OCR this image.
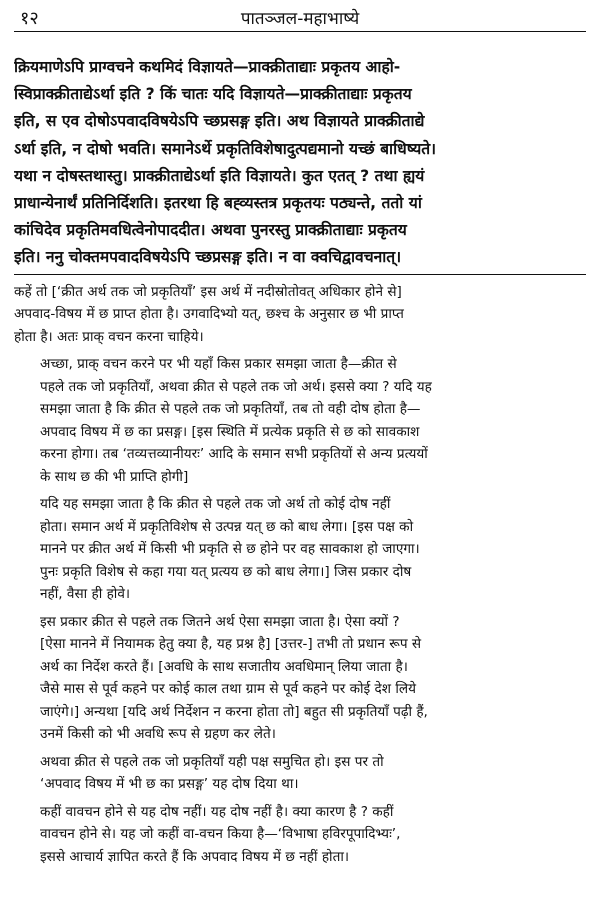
१२	पातञ्जल-महाभाष्ये
क्रियमाणेऽपि प्राग्वचने कथमिदं विज्ञायते—प्राक्क्रीताद्याः प्रकृतय आहो-
स्विप्राक्क्रीताद्येऽर्था इति ? किं चातः यदि विज्ञायते—प्राक्क्रीताद्याः प्रकृतय
इति, स एव दोषोऽपवादविषयेऽपि च्छप्रसङ्ग इति। अथ विज्ञायते प्राक्क्रीताद्ये
ऽर्था इति, न दोषो भवति। समानेऽर्थे प्रकृतिविशेषादुत्पद्यमानो यच्छं बाधिष्यते।
यथा न दोषस्तथास्तु। प्राक्क्रीताद्येऽर्था इति विज्ञायते। कुत एतत् ? तथा ह्ययं
प्राधान्येनार्थं प्रतिनिर्दिशति। इतरथा हि बह्व्यस्तत्र प्रकृतयः पठ्यन्ते, ततो यां
कांचिदेव प्रकृतिमवधित्वेनोपाददीत। अथवा पुनरस्तु प्राक्क्रीताद्याः प्रकृतय
इति। ननु चोक्तमपवादविषयेऽपि च्छप्रसङ्ग इति। न वा क्वचिद्वावचनात्।

कहें तो [‘क्रीत अर्थ तक जो प्रकृतियाँ’ इस अर्थ में नदीस्रोतोवत् अधिकार होने से]
अपवाद-विषय में छ प्राप्त होता है। उगवादिभ्यो यत्, छश्च के अनुसार छ भी प्राप्त
होता है। अतः प्राक् वचन करना चाहिये।

अच्छा, प्राक् वचन करने पर भी यहाँ किस प्रकार समझा जाता है—क्रीत से
पहले तक जो प्रकृतियाँ, अथवा क्रीत से पहले तक जो अर्थ। इससे क्या ? यदि यह
समझा जाता है कि क्रीत से पहले तक जो प्रकृतियाँ, तब तो वही दोष होता है—
अपवाद विषय में छ का प्रसङ्ग। [इस स्थिति में प्रत्येक प्रकृति से छ को सावकाश
करना होगा। तब ‘तव्यत्तव्यानीयरः’ आदि के समान सभी प्रकृतियों से अन्य प्रत्ययों
के साथ छ की भी प्राप्ति होगी]

यदि यह समझा जाता है कि क्रीत से पहले तक जो अर्थ तो कोई दोष नहीं
होता। समान अर्थ में प्रकृतिविशेष से उत्पन्न यत् छ को बाध लेगा। [इस पक्ष को
मानने पर क्रीत अर्थ में किसी भी प्रकृति से छ होने पर वह सावकाश हो जाएगा।
पुनः प्रकृति विशेष से कहा गया यत् प्रत्यय छ को बाध लेगा।] जिस प्रकार दोष
नहीं, वैसा ही होवे।

इस प्रकार क्रीत से पहले तक जितने अर्थ ऐसा समझा जाता है। ऐसा क्यों ?
[ऐसा मानने में नियामक हेतु क्या है, यह प्रश्न है] [उत्तर-] तभी तो प्रधान रूप से
अर्थ का निर्देश करते हैं। [अवधि के साथ सजातीय अवधिमान् लिया जाता है।
जैसे मास से पूर्व कहने पर कोई काल तथा ग्राम से पूर्व कहने पर कोई देश लिये
जाएंगे।] अन्यथा [यदि अर्थ निर्देशन न करना होता तो] बहुत सी प्रकृतियाँ पढ़ी हैं,
उनमें किसी को भी अवधि रूप से ग्रहण कर लेते।

अथवा क्रीत से पहले तक जो प्रकृतियाँ यही पक्ष समुचित हो। इस पर तो
‘अपवाद विषय में भी छ का प्रसङ्ग’ यह दोष दिया था।

कहीं वावचन होने से यह दोष नहीं। यह दोष नहीं है। क्या कारण है ? कहीं
वावचन होने से। यह जो कहीं वा-वचन किया है—‘विभाषा हविरपूपादिभ्यः’,
इससे आचार्य ज्ञापित करते हैं कि अपवाद विषय में छ नहीं होता।
